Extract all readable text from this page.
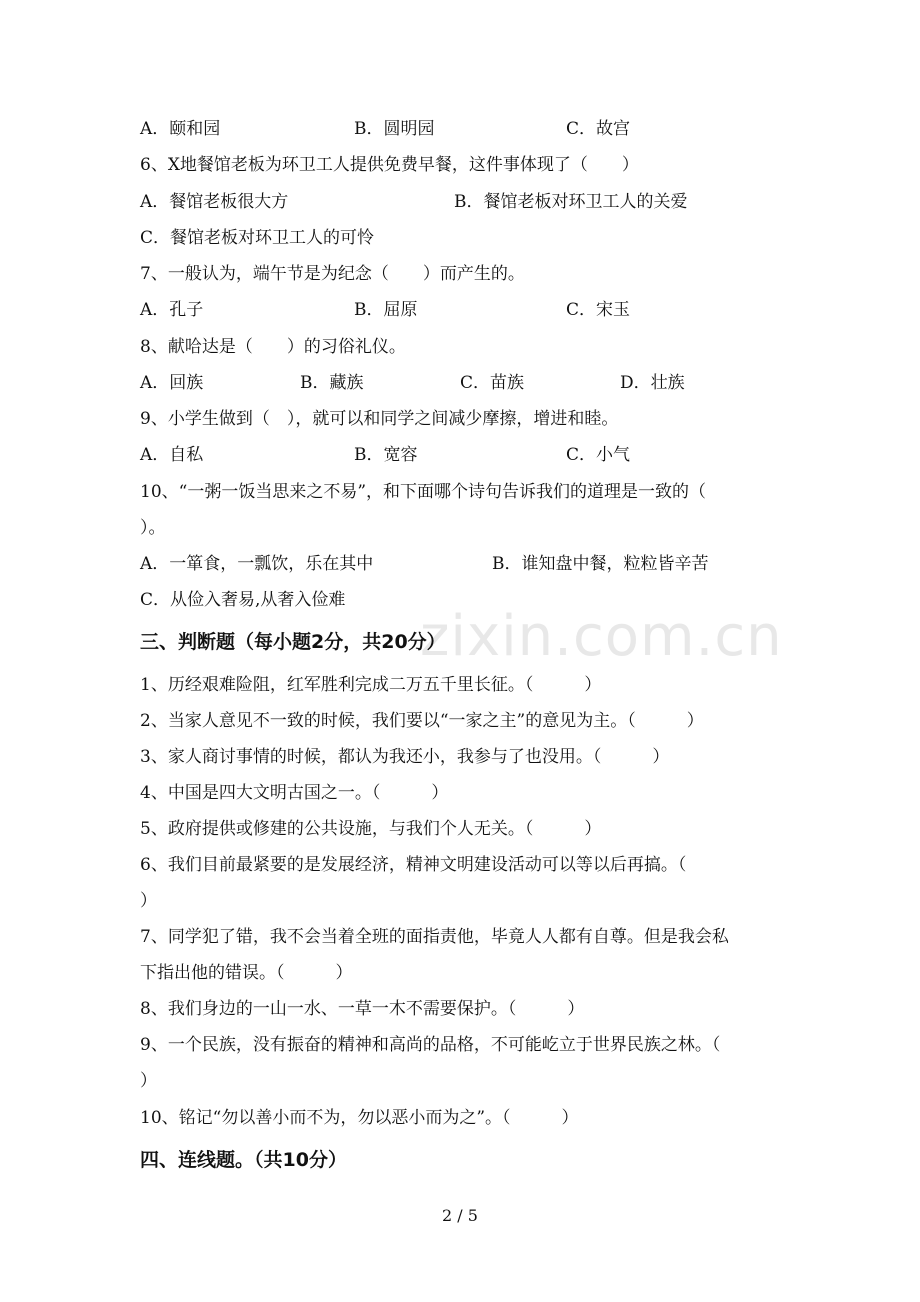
zixin.com.cn
A．颐和园	B．圆明园	C．故宫
6、X地餐馆老板为环卫工人提供免费早餐，这件事体现了（　　）
A．餐馆老板很大方	B．餐馆老板对环卫工人的关爱
C．餐馆老板对环卫工人的可怜
7、一般认为，端午节是为纪念（　　）而产生的。
A．孔子	B．屈原	C．宋玉
8、献哈达是（　　）的习俗礼仪。
A．回族	B．藏族	C．苗族	D．壮族
9、小学生做到（　），就可以和同学之间减少摩擦，增进和睦。
A．自私	B．宽容	C．小气
10、“一粥一饭当思来之不易”，和下面哪个诗句告诉我们的道理是一致的（
）。
A．一箪食，一瓢饮，乐在其中	B．谁知盘中餐，粒粒皆辛苦
C．从俭入奢易,从奢入俭难
三、判断题（每小题2分，共20分）
1、历经艰难险阻，红军胜利完成二万五千里长征。（　　　）
2、当家人意见不一致的时候，我们要以“一家之主”的意见为主。（　　　）
3、家人商讨事情的时候，都认为我还小，我参与了也没用。（　　　）
4、中国是四大文明古国之一。（　　　）
5、政府提供或修建的公共设施，与我们个人无关。（　　　）
6、我们目前最紧要的是发展经济，精神文明建设活动可以等以后再搞。（
）
7、同学犯了错，我不会当着全班的面指责他，毕竟人人都有自尊。但是我会私
下指出他的错误。（　　　）
8、我们身边的一山一水、一草一木不需要保护。（　　　）
9、一个民族，没有振奋的精神和高尚的品格，不可能屹立于世界民族之林。（
）
10、铭记“勿以善小而不为，勿以恶小而为之”。（　　　）
四、连线题。（共10分）
2 / 5
